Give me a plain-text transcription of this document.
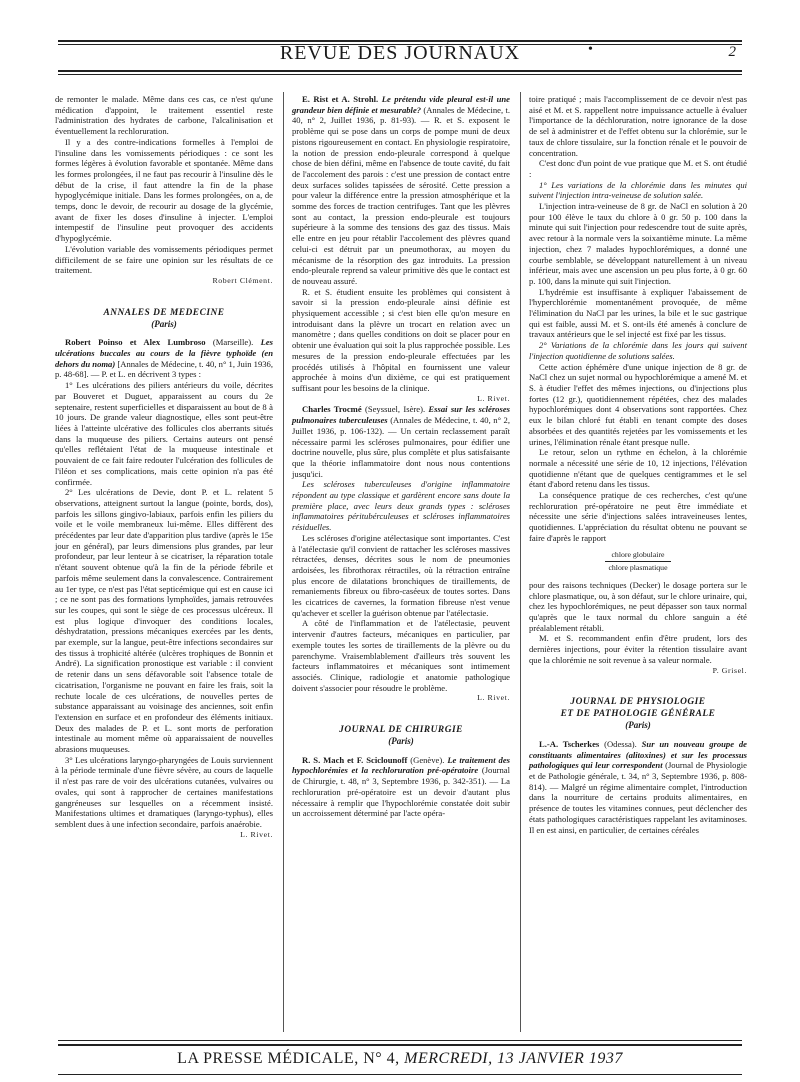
REVUE DES JOURNAUX	•	2

de remonter le malade. Même dans ces cas, ce n'est qu'une médication d'appoint, le traitement essentiel reste l'administration des hydrates de carbone, l'alcalinisation et éventuellement la rechloruration.

Il y a des contre-indications formelles à l'emploi de l'insuline dans les vomissements périodiques : ce sont les formes légères à évolution favorable et spontanée. Même dans les formes prolongées, il ne faut pas recourir à l'insuline dès le début de la crise, il faut attendre la fin de la phase hypoglycémique initiale. Dans les formes prolongées, on a, de temps, donc le devoir, de recourir au dosage de la glycémie, avant de fixer les doses d'insuline à injecter. L'emploi intempestif de l'insuline peut provoquer des accidents d'hypoglycémie.

L'évolution variable des vomissements périodiques permet difficilement de se faire une opinion sur les résultats de ce traitement.

Robert Clément.

ANNALES DE MEDECINE
(Paris)

Robert Poinso et Alex Lumbroso (Marseille). Les ulcérations buccales au cours de la fièvre typhoïde (en dehors du noma) [Annales de Médecine, t. 40, n° 1, Juin 1936, p. 48-68]. — P. et L. en décrivent 3 types :

1° Les ulcérations des piliers antérieurs du voile, décrites par Bouveret et Duguet, apparaissent au cours du 2e septenaire, restent superficielles et disparaissent au bout de 8 à 10 jours. De grande valeur diagnostique, elles sont peut-être liées à l'atteinte ulcérative des follicules clos aberrants situés dans la muqueuse des piliers. Certains auteurs ont pensé qu'elles reflétaient l'état de la muqueuse intestinale et pouvaient de ce fait faire redouter l'ulcération des follicules de l'iléon et ses complications, mais cette opinion n'a pas été confirmée.

2° Les ulcérations de Devie, dont P. et L. relatent 5 observations, atteignent surtout la langue (pointe, bords, dos), parfois les sillons gingivo-labiaux, parfois enfin les piliers du voile et le voile membraneux lui-même. Elles diffèrent des précédentes par leur date d'apparition plus tardive (après le 15e jour en général), par leurs dimensions plus grandes, par leur profondeur, par leur lenteur à se cicatriser, la réparation totale n'étant souvent obtenue qu'à la fin de la période fébrile et parfois même seulement dans la convalescence. Contrairement au 1er type, ce n'est pas l'état septicémique qui est en cause ici ; ce ne sont pas des formations lymphoïdes, jamais retrouvées sur les coupes, qui sont le siège de ces processus ulcéreux. Il est plus logique d'invoquer des conditions locales, déshydratation, pressions mécaniques exercées par les dents, par exemple, sur la langue, peut-être infections secondaires sur des tissus à trophicité altérée (ulcères trophiques de Bonnin et André). La signification pronostique est variable : il convient de retenir dans un sens défavorable soit l'absence totale de cicatrisation, l'organisme ne pouvant en faire les frais, soit la rechute locale de ces ulcérations, de nouvelles pertes de substance apparaissant au voisinage des anciennes, soit enfin l'extension en surface et en profondeur des éléments initiaux. Deux des malades de P. et L. sont morts de perforation intestinale au moment même où apparaissaient de nouvelles abrasions muqueuses.

3° Les ulcérations laryngo-pharyngées de Louis surviennent à la période terminale d'une fièvre sévère, au cours de laquelle il n'est pas rare de voir des ulcérations cutanées, vulvaires ou ovales, qui sont à rapprocher de certaines manifestations gangréneuses sur lesquelles on a récemment insisté. Manifestations ultimes et dramatiques (laryngo-typhus), elles semblent dues à une infection secondaire, parfois anaérobie.

L. Rivet.

E. Rist et A. Strohl. Le prétendu vide pleural est-il une grandeur bien définie et mesurable? (Annales de Médecine, t. 40, n° 2, Juillet 1936, p. 81-93). — R. et S. exposent le problème qui se pose dans un corps de pompe muni de deux pistons rigoureusement en contact. En physiologie respiratoire, la notion de pression endo-pleurale correspond à quelque chose de bien défini, même en l'absence de toute cavité, du fait de l'accolement des parois : c'est une pression de contact entre deux surfaces solides tapissées de sérosité. Cette pression a pour valeur la différence entre la pression atmosphérique et la somme des forces de traction centrifuges. Tant que les plèvres sont au contact, la pression endo-pleurale est toujours supérieure à la somme des tensions des gaz des tissus. Mais elle entre en jeu pour rétablir l'accolement des plèvres quand celui-ci est détruit par un pneumothorax, au moyen du mécanisme de la résorption des gaz introduits. La pression endo-pleurale reprend sa valeur primitive dès que le contact est de nouveau assuré.

R. et S. étudient ensuite les problèmes qui consistent à savoir si la pression endo-pleurale ainsi définie est physiquement accessible ; si c'est bien elle qu'on mesure en introduisant dans la plèvre un trocart en relation avec un manomètre ; dans quelles conditions on doit se placer pour en obtenir une évaluation qui soit la plus rapprochée possible. Les mesures de la pression endo-pleurale effectuées par les procédés utilisés à l'hôpital en fournissent une valeur approchée à moins d'un dixième, ce qui est pratiquement suffisant pour les besoins de la clinique.

L. Rivet.

Charles Trocmé (Seyssuel, Isère). Essai sur les scléroses pulmonaires tuberculeuses (Annales de Médecine, t. 40, n° 2, Juillet 1936, p. 106-132). — Un certain reclassement paraît nécessaire parmi les scléroses pulmonaires, pour édifier une doctrine nouvelle, plus sûre, plus complète et plus satisfaisante que la théorie inflammatoire dont nous nous contentions jusqu'ici.

Les scléroses tuberculeuses d'origine inflammatoire répondent au type classique et gardèrent encore sans doute la première place, avec leurs deux grands types : scléroses inflammatoires péritubérculeuses et scléroses inflammatoires résiduelles.

Les scléroses d'origine atélectasique sont importantes. C'est à l'atélectasie qu'il convient de rattacher les scléroses massives rétractées, denses, décrites sous le nom de pneumonies ardoisées, les fibrothorax rétractiles, où la rétraction entraîne plus encore de dilatations bronchiques de tiraillements, de remaniements fibreux ou fibro-caséeux de toutes sortes. Dans les cicatrices de cavernes, la formation fibreuse n'est venue qu'achever et sceller la guérison obtenue par l'atélectasie.

A côté de l'inflammation et de l'atélectasie, peuvent intervenir d'autres facteurs, mécaniques en particulier, par exemple toutes les sortes de tiraillements de la plèvre ou du parenchyme. Vraisemblablement d'ailleurs très souvent les facteurs inflammatoires et mécaniques sont intimement associés. Clinique, radiologie et anatomie pathologique doivent s'associer pour résoudre le problème.

L. Rivet.

JOURNAL DE CHIRURGIE
(Paris)

R. S. Mach et F. Sciclounoff (Genève). Le traitement des hypochlorémies et la rechloruration pré-opératoire (Journal de Chirurgie, t. 48, n° 3, Septembre 1936, p. 342-351). — La rechloruration pré-opératoire est un devoir d'autant plus nécessaire à remplir que l'hypochlorémie constatée doit subir un accroissement déterminé par l'acte opéra-

toire pratiqué ; mais l'accomplissement de ce devoir n'est pas aisé et M. et S. rappellent notre impuissance actuelle à évaluer l'importance de la déchloruration, notre ignorance de la dose de sel à administrer et de l'effet obtenu sur la chlorémie, sur le taux de chlore tissulaire, sur la fonction rénale et le pouvoir de concentration.

C'est donc d'un point de vue pratique que M. et S. ont étudié :

1° Les variations de la chlorémie dans les minutes qui suivent l'injection intra-veineuse de solution salée.

L'injection intra-veineuse de 8 gr. de NaCl en solution à 20 pour 100 élève le taux du chlore à 0 gr. 50 p. 100 dans la minute qui suit l'injection pour redescendre tout de suite après, avec retour à la normale vers la soixantième minute. La même injection, chez 7 malades hypochlorémiques, a donné une courbe semblable, se développant naturellement à un niveau inférieur, mais avec une ascension un peu plus forte, à 0 gr. 60 p. 100, dans la minute qui suit l'injection.

L'hydrémie est insuffisante à expliquer l'abaissement de l'hyperchlorémie momentanément provoquée, de même l'élimination du NaCl par les urines, la bile et le suc gastrique qui est faible, aussi M. et S. ont-ils été amenés à conclure de travaux antérieurs que le sel injecté est fixé par les tissus.

2° Variations de la chlorémie dans les jours qui suivent l'injection quotidienne de solutions salées.

Cette action éphémère d'une unique injection de 8 gr. de NaCl chez un sujet normal ou hypochlorémique a amené M. et S. à étudier l'effet des mêmes injections, ou d'injections plus fortes (12 gr.), quotidiennement répétées, chez des malades hypochlorémiques dont 4 observations sont rapportées. Chez eux le bilan chloré fut établi en tenant compte des doses absorbées et des quantités rejetées par les vomissements et les urines, l'élimination rénale étant presque nulle.

Le retour, selon un rythme en échelon, à la chlorémie normale a nécessité une série de 10, 12 injections, l'élévation quotidienne n'étant que de quelques centigrammes et le sel étant d'abord retenu dans les tissus.

La conséquence pratique de ces recherches, c'est qu'une rechloruration pré-opératoire ne peut être immédiate et nécessite une série d'injections salées intraveineuses lentes, quotidiennes. L'appréciation du résultat obtenu ne pouvant se faire d'après le rapport

chlore globulaire
chlore plasmatique

pour des raisons techniques (Decker) le dosage portera sur le chlore plasmatique, ou, à son défaut, sur le chlore urinaire, qui, chez les hypochlorémiques, ne peut dépasser son taux normal qu'après que le taux normal du chlore sanguin a été préalablement rétabli.

M. et S. recommandent enfin d'être prudent, lors des dernières injections, pour éviter la rétention tissulaire avant que la chlorémie ne soit revenue à sa valeur normale.

P. Grisel.

JOURNAL DE PHYSIOLOGIE
ET DE PATHOLOGIE GÉNÉRALE
(Paris)

L.-A. Tscherkes (Odessa). Sur un nouveau groupe de constituants alimentaires (alitoxines) et sur les processus pathologiques qui leur correspondent (Journal de Physiologie et de Pathologie générale, t. 34, n° 3, Septembre 1936, p. 808-814). — Malgré un régime alimentaire complet, l'introduction dans la nourriture de certains produits alimentaires, en présence de toutes les vitamines connues, peut déclencher des états pathologiques caractéristiques rappelant les avitaminoses. Il en est ainsi, en particulier, de certaines céréales

LA PRESSE MÉDICALE, N° 4, MERCREDI, 13 JANVIER 1937
